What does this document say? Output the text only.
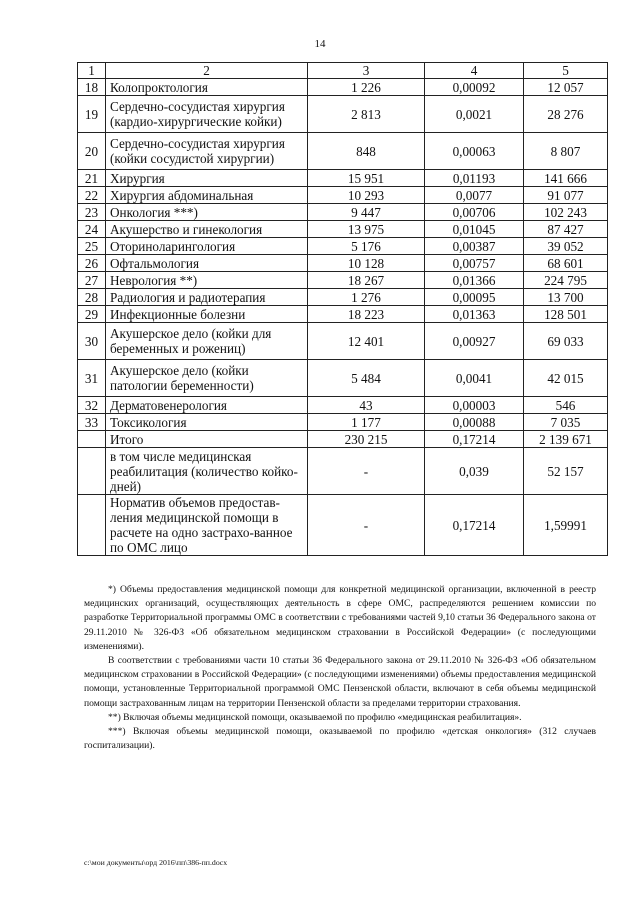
14
1	2	3	4	5
18	Колопроктология	1 226	0,00092	12 057
19	Сердечно-сосудистая хирургия (кардио-хирургические койки)	2 813	0,0021	28 276
20	Сердечно-сосудистая хирургия (койки сосудистой хирургии)	848	0,00063	8 807
21	Хирургия	15 951	0,01193	141 666
22	Хирургия абдоминальная	10 293	0,0077	91 077
23	Онкология ***)	9 447	0,00706	102 243
24	Акушерство и гинекология	13 975	0,01045	87 427
25	Оториноларингология	5 176	0,00387	39 052
26	Офтальмология	10 128	0,00757	68 601
27	Неврология **)	18 267	0,01366	224 795
28	Радиология и радиотерапия	1 276	0,00095	13 700
29	Инфекционные болезни	18 223	0,01363	128 501
30	Акушерское дело (койки для беременных и рожениц)	12 401	0,00927	69 033
31	Акушерское дело (койки патологии беременности)	5 484	0,0041	42 015
32	Дерматовенерология	43	0,00003	546
33	Токсикология	1 177	0,00088	7 035
	Итого	230 215	0,17214	2 139 671
	в том числе медицинская реабилитация (количество койко-дней)	-	0,039	52 157
	Норматив объемов предостав-ления медицинской помощи в расчете на одно застрахо-ванное по ОМС лицо	-	0,17214	1,59991

*) Объемы предоставления медицинской помощи для конкретной медицинской организации, включенной в реестр медицинских организаций, осуществляющих деятельность в сфере ОМС, распределяются решением комиссии по разработке Территориальной программы ОМС в соответствии с требованиями частей 9,10 статьи 36 Федерального закона от 29.11.2010 № 326-ФЗ «Об обязательном медицинском страховании в Российской Федерации» (с последующими изменениями).

В соответствии с требованиями части 10 статьи 36 Федерального закона от 29.11.2010 № 326-ФЗ «Об обязательном медицинском страховании в Российской Федерации» (с последующими изменениями) объемы предоставления медицинской помощи, установленные Территориальной программой ОМС Пензенской области, включают в себя объемы медицинской помощи застрахованным лицам на территории Пензенской области за пределами территории страхования.

**) Включая объемы медицинской помощи, оказываемой по профилю «медицинская реабилитация».

***) Включая объемы медицинской помощи, оказываемой по профилю «детская онкология» (312 случаев госпитализации).

c:\мои документы\орд 2016\пп\386-пп.docx
